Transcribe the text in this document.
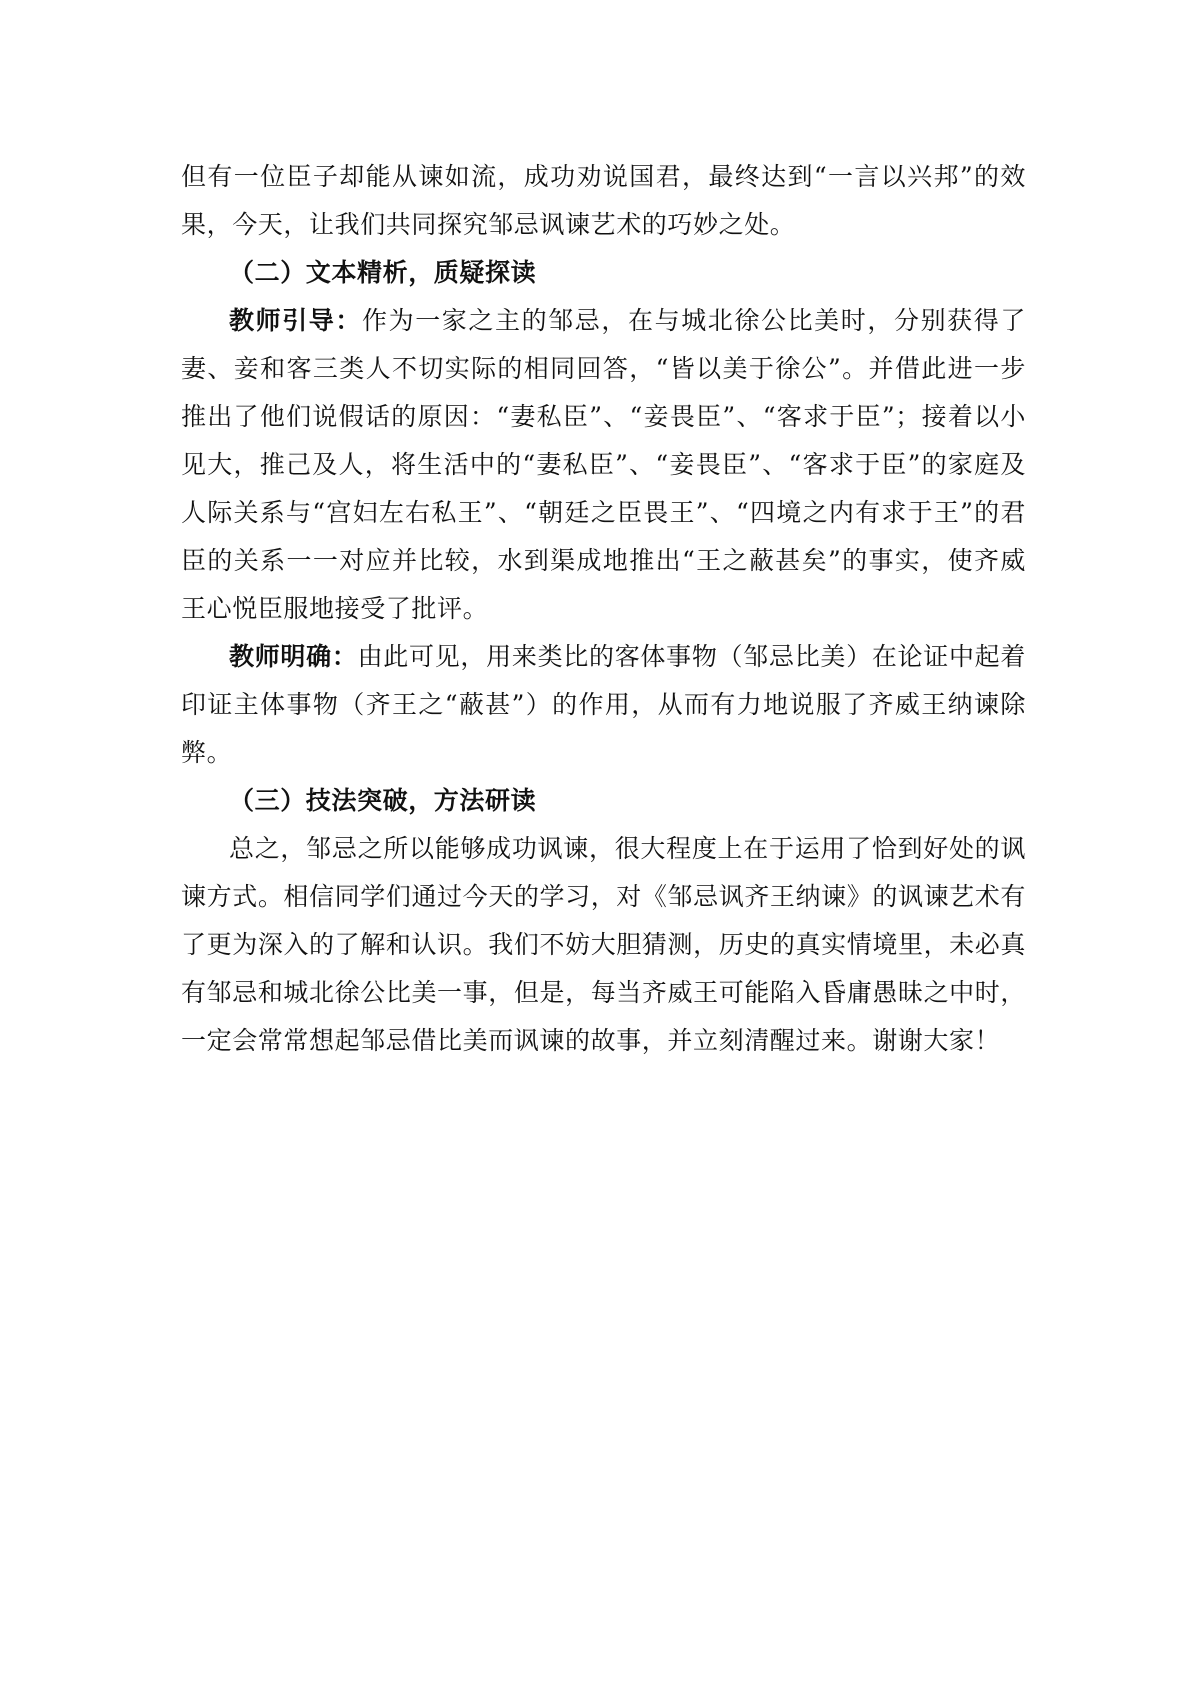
但有一位臣子却能从谏如流，成功劝说国君，最终达到“一言以兴邦”的效果，今天，让我们共同探究邹忌讽谏艺术的巧妙之处。

（二）文本精析，质疑探读

教师引导：作为一家之主的邹忌，在与城北徐公比美时，分别获得了妻、妾和客三类人不切实际的相同回答，“皆以美于徐公”。并借此进一步推出了他们说假话的原因：“妻私臣”、“妾畏臣”、“客求于臣”；接着以小见大，推己及人，将生活中的“妻私臣”、“妾畏臣”、“客求于臣”的家庭及人际关系与“宫妇左右私王”、“朝廷之臣畏王”、“四境之内有求于王”的君臣的关系一一对应并比较，水到渠成地推出“王之蔽甚矣”的事实，使齐威王心悦臣服地接受了批评。

教师明确：由此可见，用来类比的客体事物（邹忌比美）在论证中起着印证主体事物（齐王之“蔽甚”）的作用，从而有力地说服了齐威王纳谏除弊。

（三）技法突破，方法研读

总之，邹忌之所以能够成功讽谏，很大程度上在于运用了恰到好处的讽谏方式。相信同学们通过今天的学习，对《邹忌讽齐王纳谏》的讽谏艺术有了更为深入的了解和认识。我们不妨大胆猜测，历史的真实情境里，未必真有邹忌和城北徐公比美一事，但是，每当齐威王可能陷入昏庸愚昧之中时，一定会常常想起邹忌借比美而讽谏的故事，并立刻清醒过来。谢谢大家！
